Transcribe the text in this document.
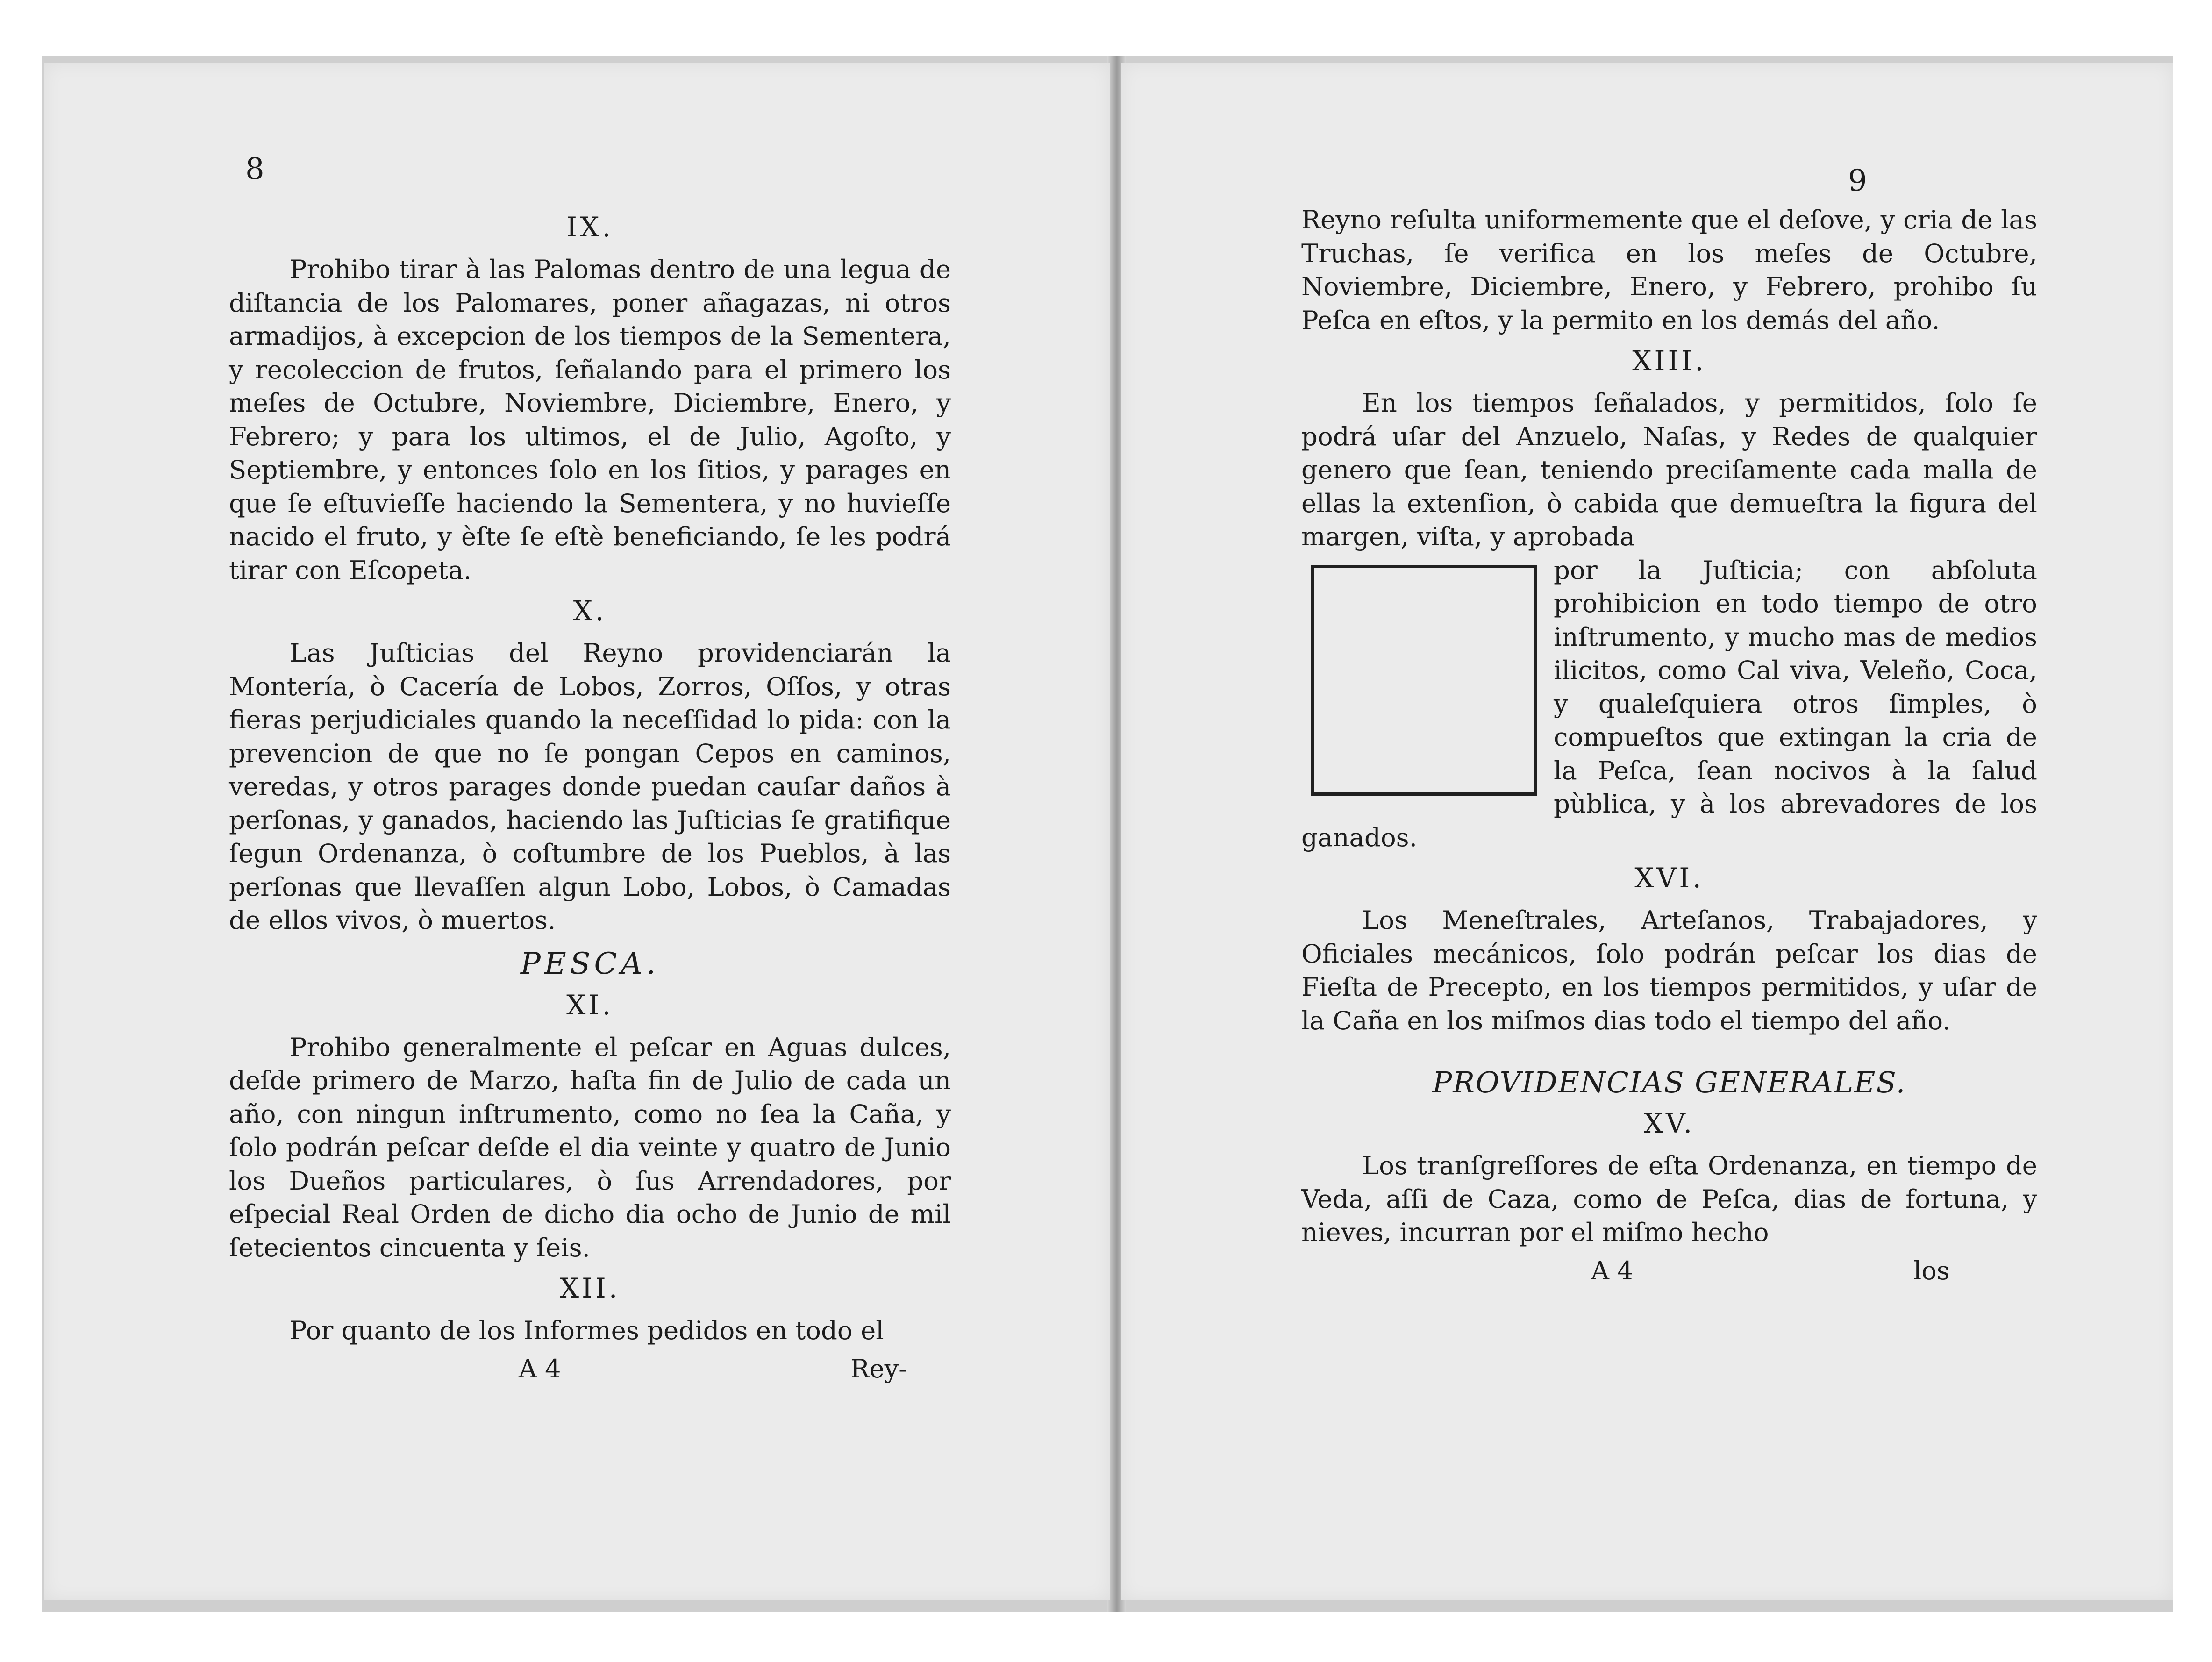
8
IX.

Prohibo tirar à las Palomas dentro de una legua de diſtancia de los Palomares, poner añagazas, ni otros armadijos, à excepcion de los tiempos de la Sementera, y recoleccion de frutos, ſeñalando para el primero los meſes de Octubre, Noviembre, Diciembre, Enero, y Febrero; y para los ultimos, el de Julio, Agoſto, y Septiembre, y entonces ſolo en los ſitios, y parages en que ſe eſtuvieſſe haciendo la Sementera, y no huvieſſe nacido el fruto, y èſte ſe eſtè beneficiando, ſe les podrá tirar con Eſcopeta.

X.

Las Juſticias del Reyno providenciarán la Montería, ò Cacería de Lobos, Zorros, Oſſos, y otras fieras perjudiciales quando la neceſſidad lo pida: con la prevencion de que no ſe pongan Cepos en caminos, veredas, y otros parages donde puedan cauſar daños à perſonas, y ganados, haciendo las Juſticias ſe gratifique ſegun Ordenanza, ò coſtumbre de los Pueblos, à las perſonas que llevaſſen algun Lobo, Lobos, ò Camadas de ellos vivos, ò muertos.

PESCA.
XI.

Prohibo generalmente el peſcar en Aguas dulces, deſde primero de Marzo, haſta fin de Julio de cada un año, con ningun inſtrumento, como no ſea la Caña, y ſolo podrán peſcar deſde el dia veinte y quatro de Junio los Dueños particulares, ò ſus Arrendadores, por eſpecial Real Orden de dicho dia ocho de Junio de mil ſetecientos cincuenta y ſeis.

XII.

Por quanto de los Informes pedidos en todo el

A 4	Rey-
9

Reyno reſulta uniformemente que el deſove, y cria de las Truchas, ſe verifica en los meſes de Octubre, Noviembre, Diciembre, Enero, y Febrero, prohibo ſu Peſca en eſtos, y la permito en los demás del año.

XIII.

En los tiempos ſeñalados, y permitidos, ſolo ſe podrá uſar del Anzuelo, Naſas, y Redes de qualquier genero que ſean, teniendo preciſamente cada malla de ellas la extenſion, ò cabida que demueſtra la figura del margen, viſta, y aprobada

por la Juſticia; con abſoluta prohibicion en todo tiempo de otro inſtrumento, y mucho mas de medios ilicitos, como Cal viva, Veleño, Coca, y qualeſquiera otros ſimples, ò compueſtos que extingan la cria de la Peſca, ſean nocivos à la ſalud pùblica, y à los abrevadores de los ganados.

XVI.

Los Meneſtrales, Arteſanos, Trabajadores, y Oficiales mecánicos, ſolo podrán peſcar los dias de Fieſta de Precepto, en los tiempos permitidos, y uſar de la Caña en los miſmos dias todo el tiempo del año.

PROVIDENCIAS GENERALES.
XV.

Los tranſgreſſores de eſta Ordenanza, en tiempo de Veda, aſſi de Caza, como de Peſca, dias de fortuna, y nieves, incurran por el miſmo hecho

A 4	los
